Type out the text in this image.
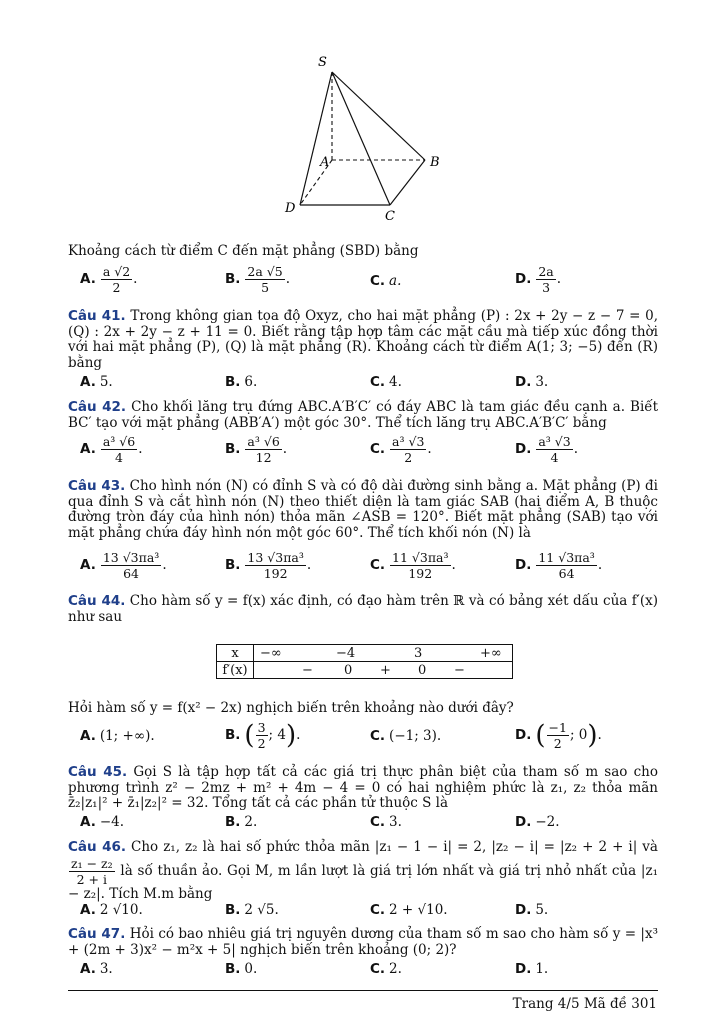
S
A	B
C
D
Khoảng cách từ điểm C đến mặt phẳng (SBD) bằng
A. $\frac{a √2}{2}$ .	B. $\frac{2a √5}{5}$ .	C. a.	D. $\frac{2a}{3}$ .
Câu 41. Trong không gian tọa độ Oxyz, cho hai mặt phẳng (P) : 2x + 2y − z − 7 = 0, (Q) : 2x + 2y − z + 11 = 0. Biết rằng tập hợp tâm các mặt cầu mà tiếp xúc đồng thời với hai mặt phẳng (P), (Q) là mặt phẳng (R). Khoảng cách từ điểm A(1; 3; −5) đến (R) bằng
A. 5.	B. 6.	C. 4.	D. 3.
Câu 42. Cho khối lăng trụ đứng ABC.A′B′C′ có đáy ABC là tam giác đều cạnh a. Biết BC′ tạo với mặt phẳng (ABB′A′) một góc 30°. Thể tích lăng trụ ABC.A′B′C′ bằng
A. $\frac{\text{a³ √6}}{4}$ .	B. $\frac{\text{a³ √6}}{12}$ .	C. $\frac{\text{a³ √3}}{2}$ .	D. $\frac{\text{a³ √3}}{4}$ .
Câu 43. Cho hình nón (N) có đỉnh S và có độ dài đường sinh bằng a. Mặt phẳng (P) đi qua đỉnh S và cắt hình nón (N) theo thiết diện là tam giác SAB (hai điểm A, B thuộc đường tròn đáy của hình nón) thỏa mãn ∠ASB = 120°. Biết mặt phẳng (SAB) tạo với mặt phẳng chứa đáy hình nón một góc 60°. Thể tích khối nón (N) là
A. $\frac{\text{13 √3πa³}}{64}$ .	B. $\frac{\text{13 √3πa³}}{192}$ .	C. $\frac{\text{11 √3πa³}}{192}$ .	D. $\frac{\text{11 √3πa³}}{64}$ .
Câu 44. Cho hàm số y = f(x) xác định, có đạo hàm trên ℝ và có bảng xét dấu của f′(x) như sau
x	−∞ −4 3 +∞

f′(x)	− 0 + 0 −
Hỏi hàm số y = f(x² − 2x) nghịch biến trên khoảng nào dưới đây?
A. (1; +∞).	B. ( $\frac{3}{2}$ ; 4).	C. (−1; 3).	D. ( $\frac{-1}{2}$ ; 0).
Câu 45. Gọi S là tập hợp tất cả các giá trị thực phân biệt của tham số m sao cho phương trình z² − 2mz + m² + 4m − 4 = 0 có hai nghiệm phức là z₁, z₂ thỏa mãn z̄₂|z₁|² + z̄₁|z₂|² = 32. Tổng tất cả các phần tử thuộc S là
A. −4.	B. 2.	C. 3.	D. −2.
Câu 46. Cho z₁, z₂ là hai số phức thỏa mãn |z₁ − 1 − i| = 2, |z₂ − i| = |z₂ + 2 + i| và
$\frac{\text{z₁ − z₂}}{2 + i}$ là số thuần ảo. Gọi M, m lần lượt là giá trị lớn nhất và giá trị nhỏ nhất của |z₁ − z₂|. Tích M.m bằng
A. 2 √10.	B. 2 √5.	C. 2 + √10.	D. 5.
Câu 47. Hỏi có bao nhiêu giá trị nguyên dương của tham số m sao cho hàm số y = |x³ + (2m + 3)x² − m²x + 5| nghịch biến trên khoảng (0; 2)?
A. 3.	B. 0.	C. 2.	D. 1.
Trang 4/5 Mã đề 301
